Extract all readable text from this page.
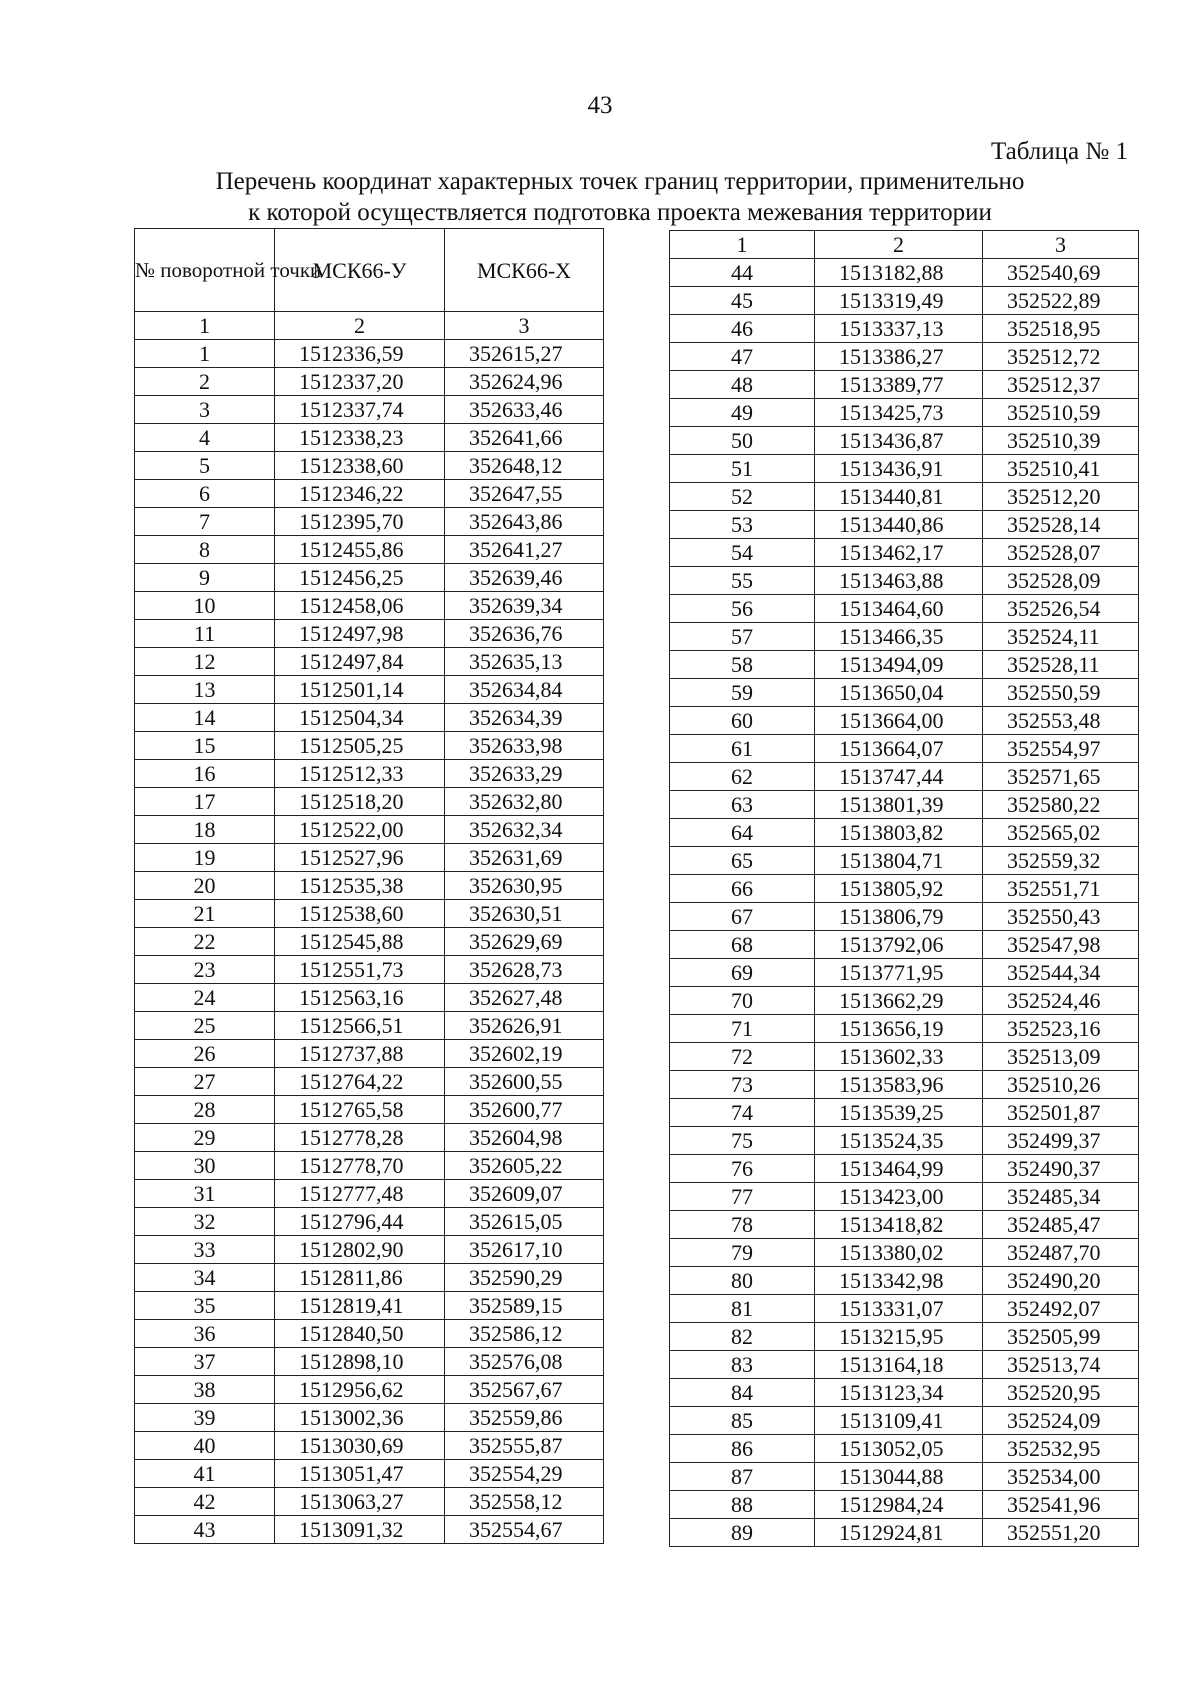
43
Таблица № 1
Перечень координат характерных точек границ территории, применительно
к которой осуществляется подготовка проекта межевания территории
№ поворотной точки	МСК66-У	МСК66-X
1	2	3
1	1512336,59	352615,27
2	1512337,20	352624,96
3	1512337,74	352633,46
4	1512338,23	352641,66
5	1512338,60	352648,12
6	1512346,22	352647,55
7	1512395,70	352643,86
8	1512455,86	352641,27
9	1512456,25	352639,46
10	1512458,06	352639,34
11	1512497,98	352636,76
12	1512497,84	352635,13
13	1512501,14	352634,84
14	1512504,34	352634,39
15	1512505,25	352633,98
16	1512512,33	352633,29
17	1512518,20	352632,80
18	1512522,00	352632,34
19	1512527,96	352631,69
20	1512535,38	352630,95
21	1512538,60	352630,51
22	1512545,88	352629,69
23	1512551,73	352628,73
24	1512563,16	352627,48
25	1512566,51	352626,91
26	1512737,88	352602,19
27	1512764,22	352600,55
28	1512765,58	352600,77
29	1512778,28	352604,98
30	1512778,70	352605,22
31	1512777,48	352609,07
32	1512796,44	352615,05
33	1512802,90	352617,10
34	1512811,86	352590,29
35	1512819,41	352589,15
36	1512840,50	352586,12
37	1512898,10	352576,08
38	1512956,62	352567,67
39	1513002,36	352559,86
40	1513030,69	352555,87
41	1513051,47	352554,29
42	1513063,27	352558,12
43	1513091,32	352554,67
1	2	3
44	1513182,88	352540,69
45	1513319,49	352522,89
46	1513337,13	352518,95
47	1513386,27	352512,72
48	1513389,77	352512,37
49	1513425,73	352510,59
50	1513436,87	352510,39
51	1513436,91	352510,41
52	1513440,81	352512,20
53	1513440,86	352528,14
54	1513462,17	352528,07
55	1513463,88	352528,09
56	1513464,60	352526,54
57	1513466,35	352524,11
58	1513494,09	352528,11
59	1513650,04	352550,59
60	1513664,00	352553,48
61	1513664,07	352554,97
62	1513747,44	352571,65
63	1513801,39	352580,22
64	1513803,82	352565,02
65	1513804,71	352559,32
66	1513805,92	352551,71
67	1513806,79	352550,43
68	1513792,06	352547,98
69	1513771,95	352544,34
70	1513662,29	352524,46
71	1513656,19	352523,16
72	1513602,33	352513,09
73	1513583,96	352510,26
74	1513539,25	352501,87
75	1513524,35	352499,37
76	1513464,99	352490,37
77	1513423,00	352485,34
78	1513418,82	352485,47
79	1513380,02	352487,70
80	1513342,98	352490,20
81	1513331,07	352492,07
82	1513215,95	352505,99
83	1513164,18	352513,74
84	1513123,34	352520,95
85	1513109,41	352524,09
86	1513052,05	352532,95
87	1513044,88	352534,00
88	1512984,24	352541,96
89	1512924,81	352551,20
